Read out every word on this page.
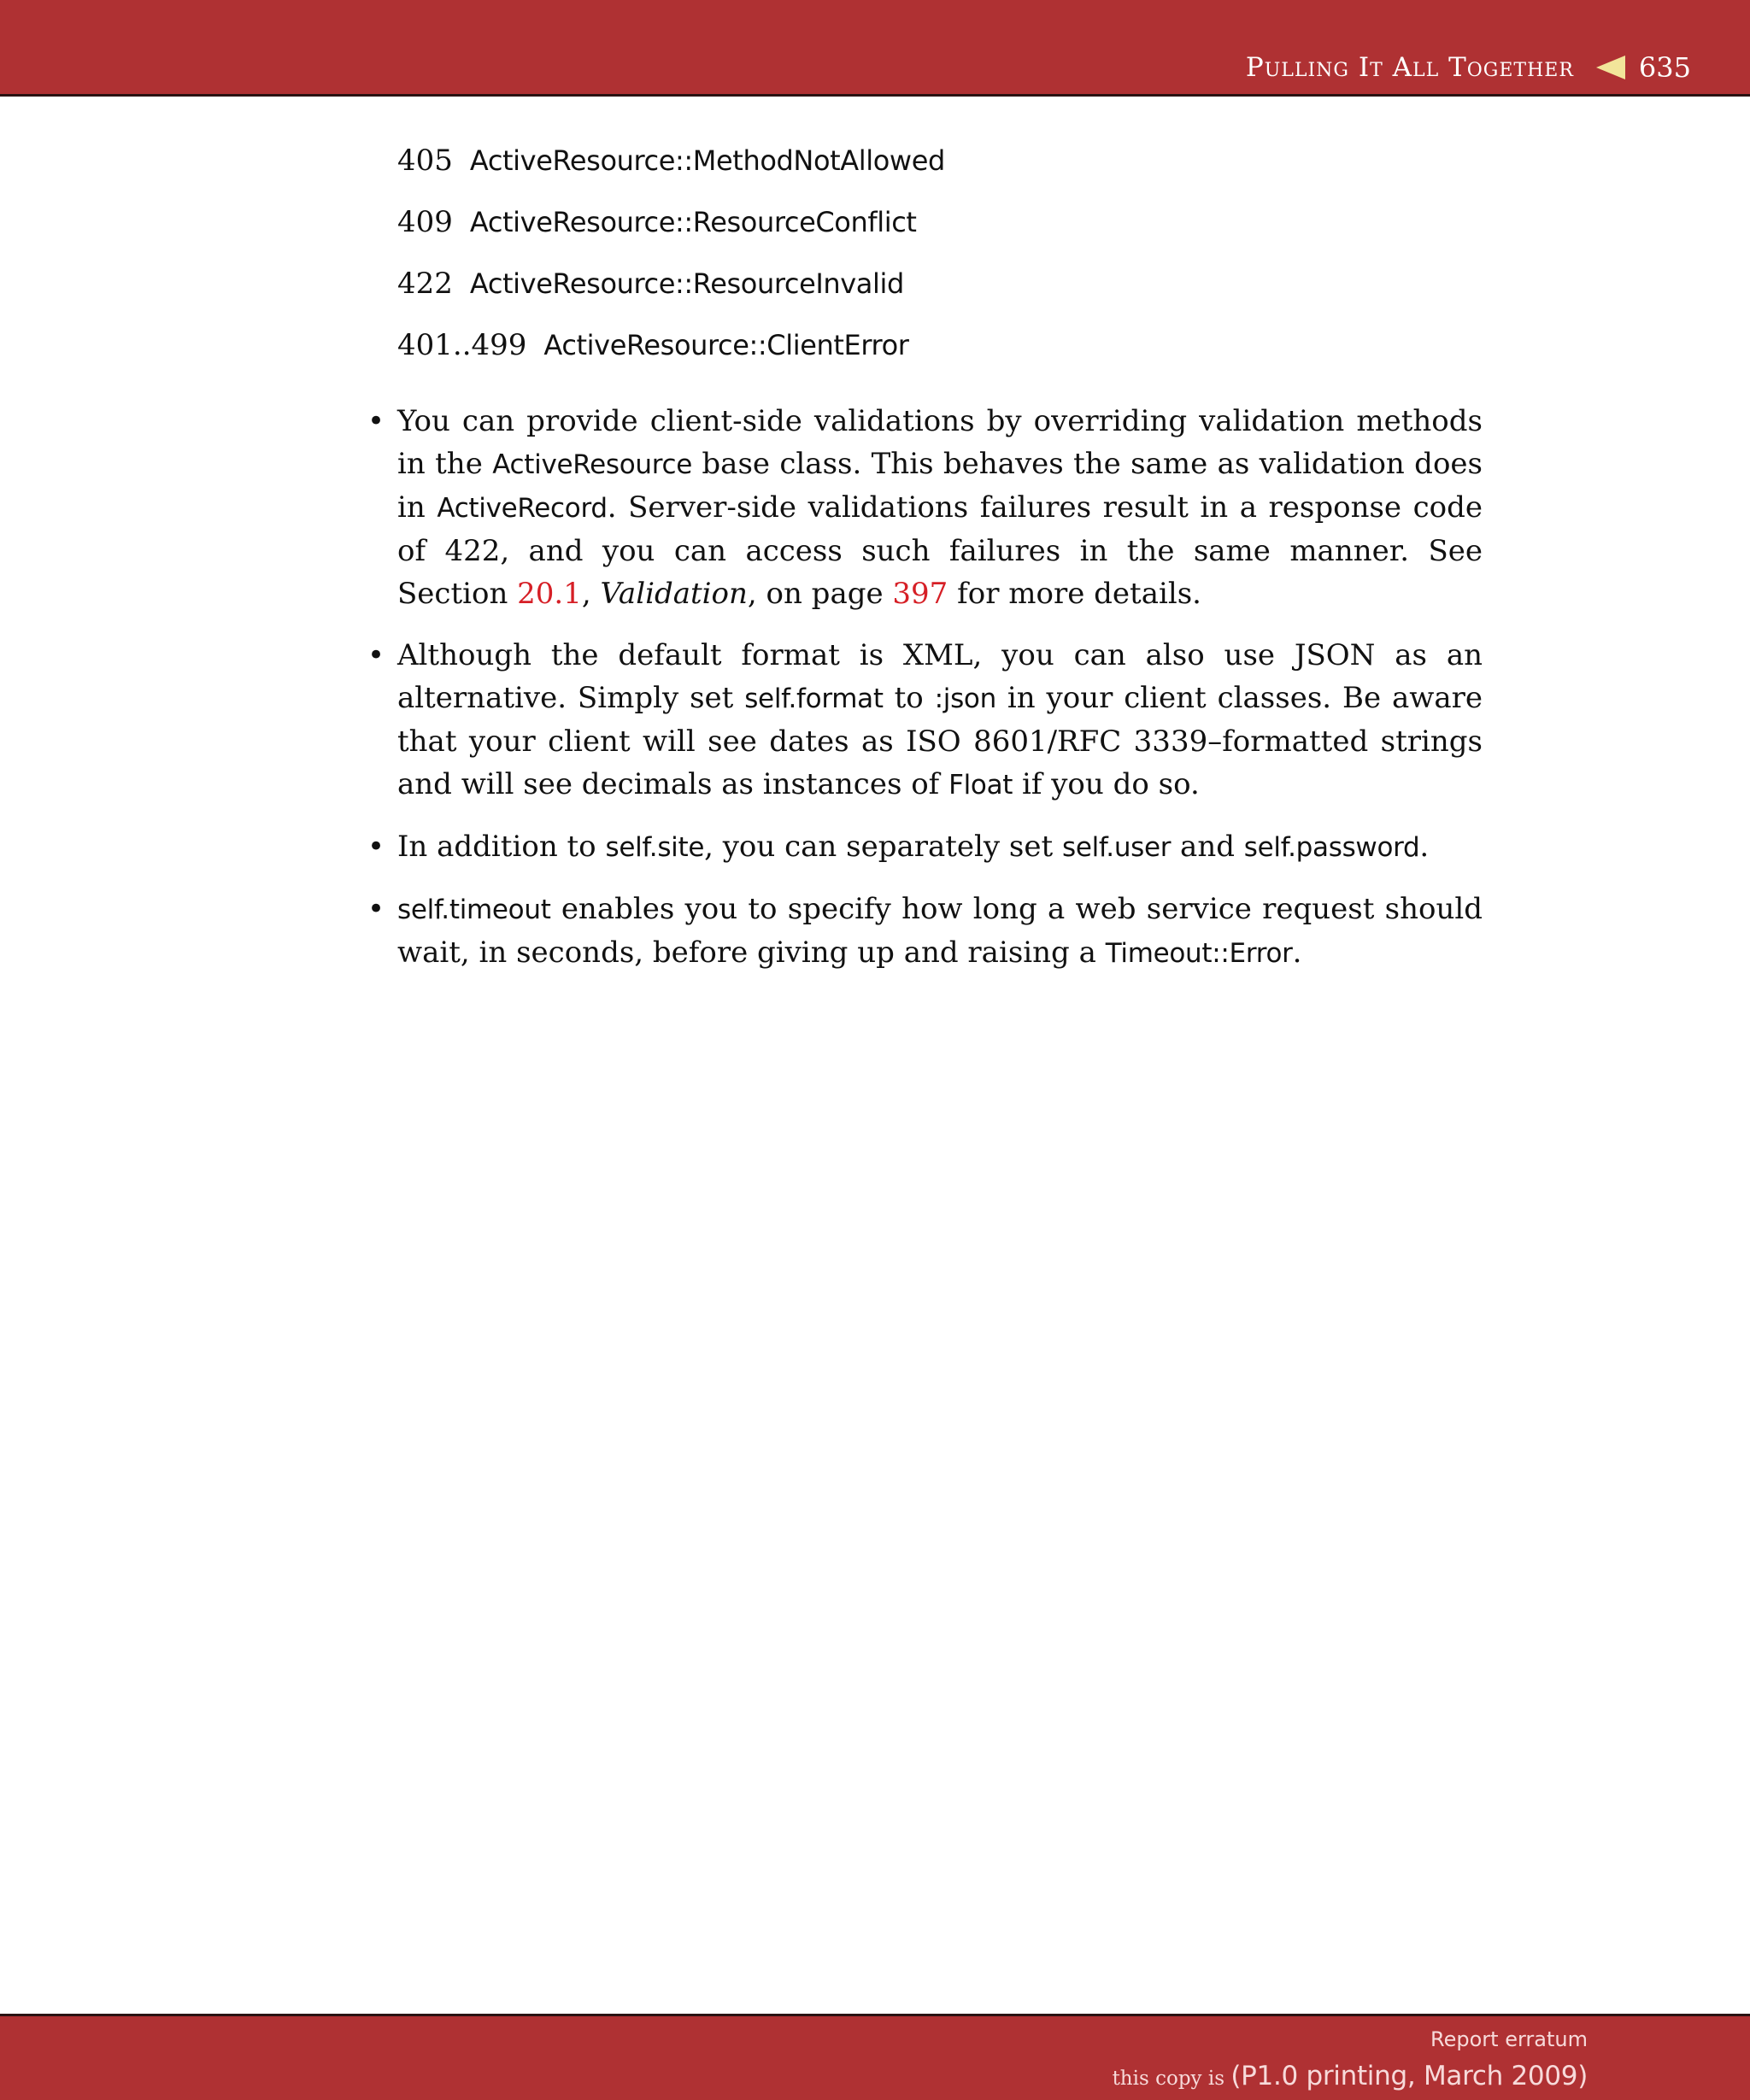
Pulling It All Together 635
405 ActiveResource::MethodNotAllowed
409 ActiveResource::ResourceConflict
422 ActiveResource::ResourceInvalid
401..499 ActiveResource::ClientError
• You can provide client-side validations by overriding validation methods in the ActiveResource base class. This behaves the same as validation does in ActiveRecord. Server-side validations failures result in a response code of 422, and you can access such failures in the same manner. See Section 20.1, Validation, on page 397 for more details.
• Although the default format is XML, you can also use JSON as an alternative. Simply set self.format to :json in your client classes. Be aware that your client will see dates as ISO 8601/RFC 3339–formatted strings and will see decimals as instances of Float if you do so.
• In addition to self.site, you can separately set self.user and self.password.
• self.timeout enables you to specify how long a web service request should wait, in seconds, before giving up and raising a Timeout::Error.
Report erratum
this copy is (P1.0 printing, March 2009)
